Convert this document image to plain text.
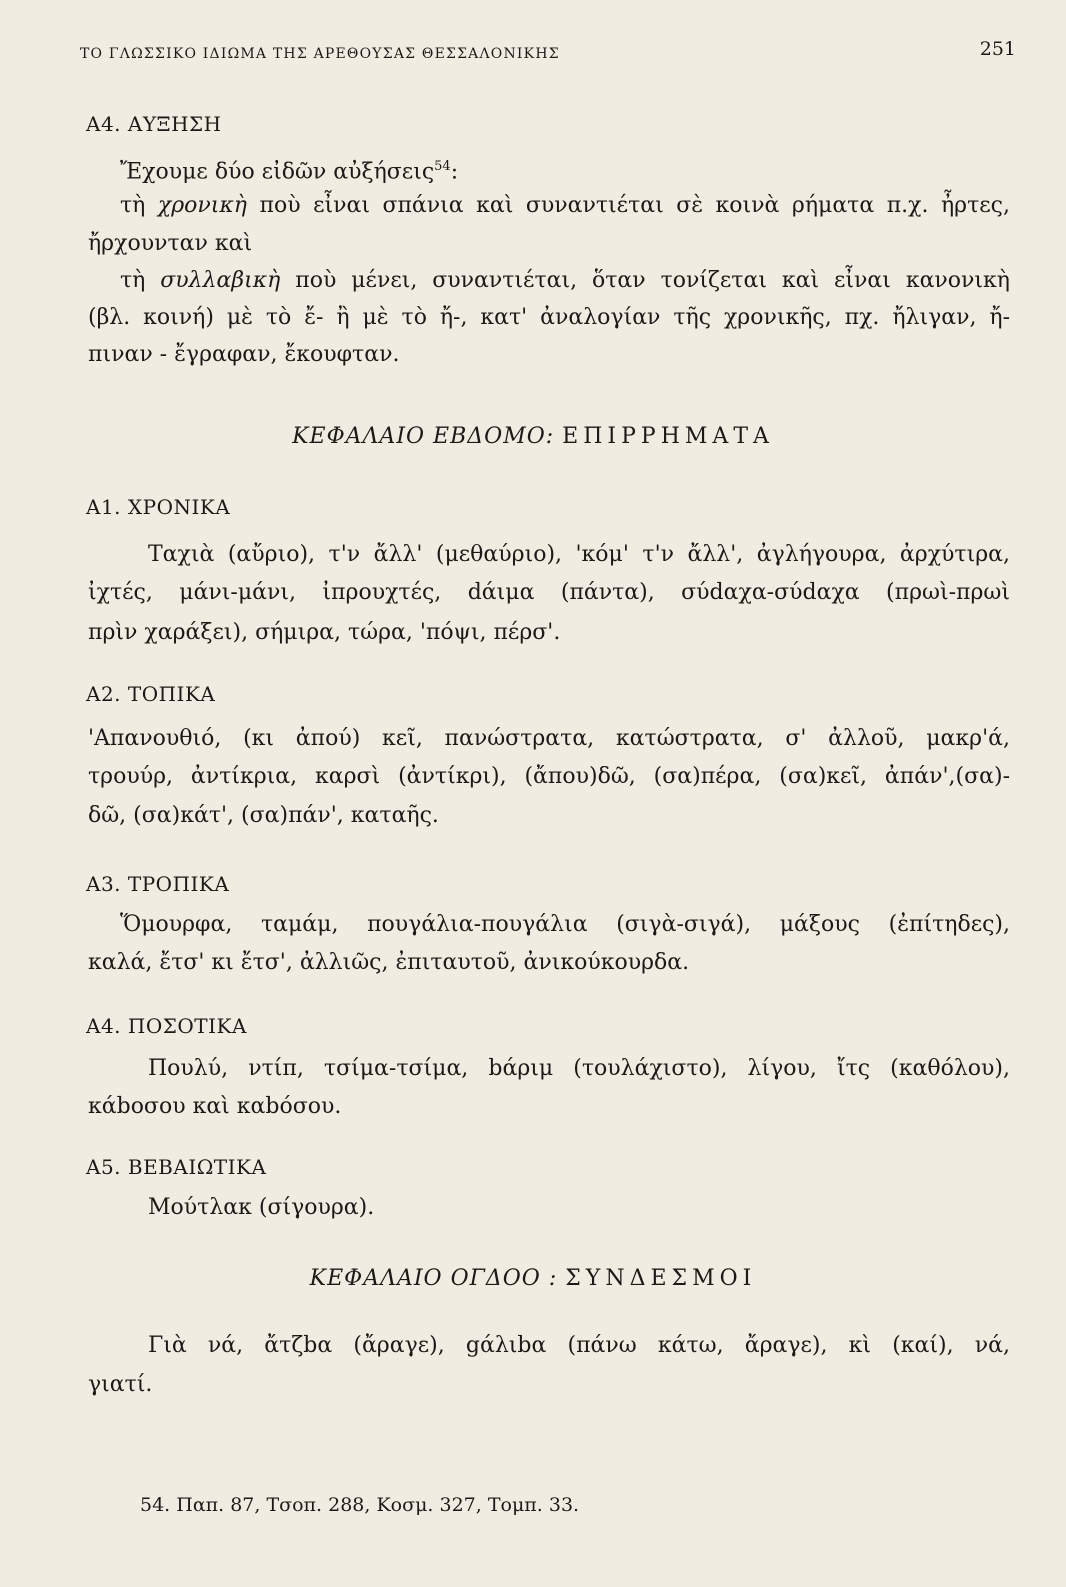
ΤΟ ΓΛΩΣΣΙΚΟ ΙΔΙΩΜΑ ΤΗΣ ΑΡΕΘΟΥΣΑΣ ΘΕΣΣΑΛΟΝΙΚΗΣ	251
Α4. ΑΥΞΗΣΗ
Ἔχουμε δύο εἰδῶν αὐξήσεις$^{54}$:
τὴ χρονικὴ ποὺ εἶναι σπάνια καὶ συναντιέται σὲ κοινὰ ρήματα π.χ. ἦρτες,
ἤρχουνταν καὶ
τὴ συλλαβικὴ ποὺ μένει, συναντιέται, ὅταν τονίζεται καὶ εἶναι κανονικὴ
(βλ. κοινή) μὲ τὸ ἔ- ἢ μὲ τὸ ἤ-, κατ' ἀναλογίαν τῆς χρονικῆς, πχ. ἤλιγαν, ἤ-
πιναν - ἔγραφαν, ἔκουφταν.
ΚΕΦΑΛΑΙΟ ΕΒΔΟΜΟ: ΕΠΙΡΡΗΜΑΤΑ
Α1. ΧΡΟΝΙΚΑ
Ταχιὰ (αὔριο), τ'ν ἄλλ' (μεθαύριο), 'κόμ' τ'ν ἄλλ', ἀγλήγουρα, ἀρχύτιρα,
ἰχτές, μάνι-μάνι, ἰπρουχτές, dάιμα (πάντα), σύdαχα-σύdαχα (πρωὶ-πρωὶ
πρὶν χαράξει), σήμιρα, τώρα, 'πόψι, πέρσ'.
Α2. ΤΟΠΙΚΑ
'Απανουθιό, (κι ἀπού) κεῖ, πανώστρατα, κατώστρατα, σ' ἀλλοῦ, μακρ'ά,
τρουύρ, ἀντίκρια, καρσὶ (ἀντίκρι), (ἄπου)δῶ, (σα)πέρα, (σα)κεῖ, ἀπάν',(σα)-
δῶ, (σα)κάτ', (σα)πάν', καταῆς.
Α3. ΤΡΟΠΙΚΑ
Ὅμουρφα, ταμάμ, πουγάλια-πουγάλια (σιγὰ-σιγά), μάξους (ἐπίτηδες),
καλά, ἔτσ' κι ἔτσ', ἀλλιῶς, ἐπιταυτοῦ, ἀνικούκουρδα.
Α4. ΠΟΣΟΤΙΚΑ
Πουλύ, ντίπ, τσίμα-τσίμα, bάριμ (τουλάχιστο), λίγου, ἴτς (καθόλου),
κάbοσου καὶ καbόσου.
Α5. ΒΕΒΑΙΩΤΙΚΑ
Μούτλακ (σίγουρα).
ΚΕΦΑΛΑΙΟ ΟΓΔΟΟ : ΣΥΝΔΕΣΜΟΙ
Γιὰ νά, ἄτζbα (ἄραγε), gάλιbα (πάνω κάτω, ἄραγε), κὶ (καί), νά,
γιατί.
54. Παπ. 87, Τσοπ. 288, Κοσμ. 327, Τομπ. 33.
